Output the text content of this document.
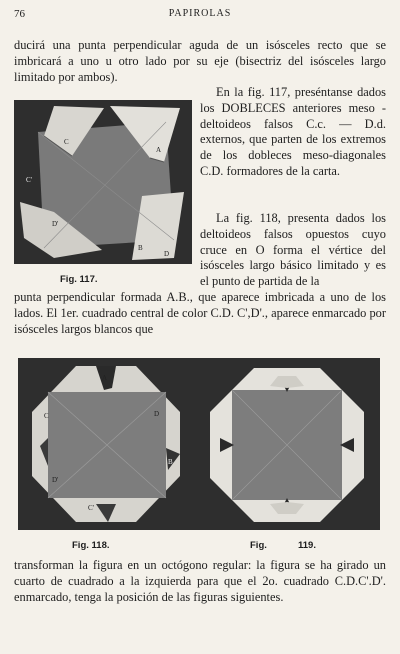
76	PAPIROLAS

ducirá una punta perpendicular aguda de un isósceles recto que se imbricará a uno u otro lado por su eje (bisectriz del isósceles largo limitado por ambos).

C
A
C'
D'
B
D

En la fig. 117, preséntanse dados los DOBLECES anteriores meso - deltoideos falsos C.c. — D.d. externos, que parten de los extremos de los dobleces meso-diagonales C.D. formadores de la carta.

Fig. 117.

La fig. 118, presenta dados los deltoideos falsos opuestos cuyo cruce en O forma el vértice del isósceles largo básico limitado y es el punto de partida de la

punta perpendicular formada A.B., que aparece imbricada a uno de los lados. El 1er. cuadrado central de color C.D. C',D'., aparece enmarcado por isósceles largos blancos que

A
B
C	D
C'
D'
Fig. 118.	Fig.	119.

transforman la figura en un octógono regular: la figura se ha girado un cuarto de cuadrado a la izquierda para que el 2o. cuadrado C.D.C'.D'. enmarcado, tenga la posición de las figuras siguientes.
